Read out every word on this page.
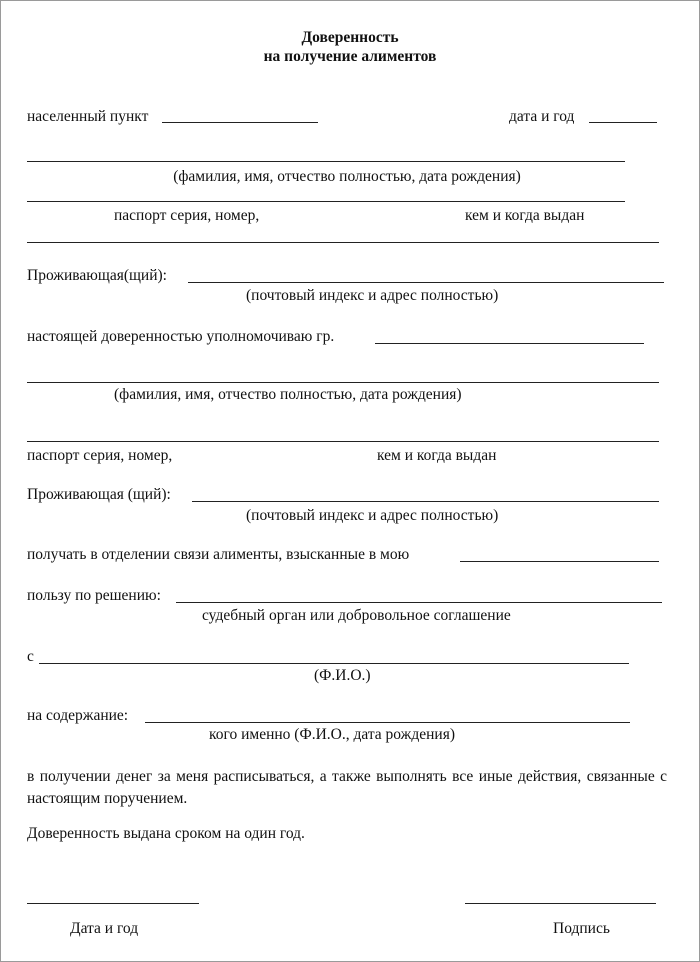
Доверенность
на получение алиментов
населенный пункт	дата и год
(фамилия, имя, отчество полностью, дата рождения)
паспорт серия, номер,	кем и когда выдан
Проживающая(щий):
(почтовый индекс и адрес полностью)
настоящей доверенностью уполномочиваю гр.
(фамилия, имя, отчество полностью, дата рождения)
паспорт серия, номер,	кем и когда выдан
Проживающая (щий):
(почтовый индекс и адрес полностью)
получать в отделении связи алименты, взысканные в мою
пользу по решению:
судебный орган или добровольное соглашение
с
(Ф.И.О.)
на содержание:
кого именно (Ф.И.О., дата рождения)
в получении денег за меня расписываться, а также выполнять все иные действия, связанные с настоящим поручением.
Доверенность выдана сроком на один год.
Дата и год	Подпись
